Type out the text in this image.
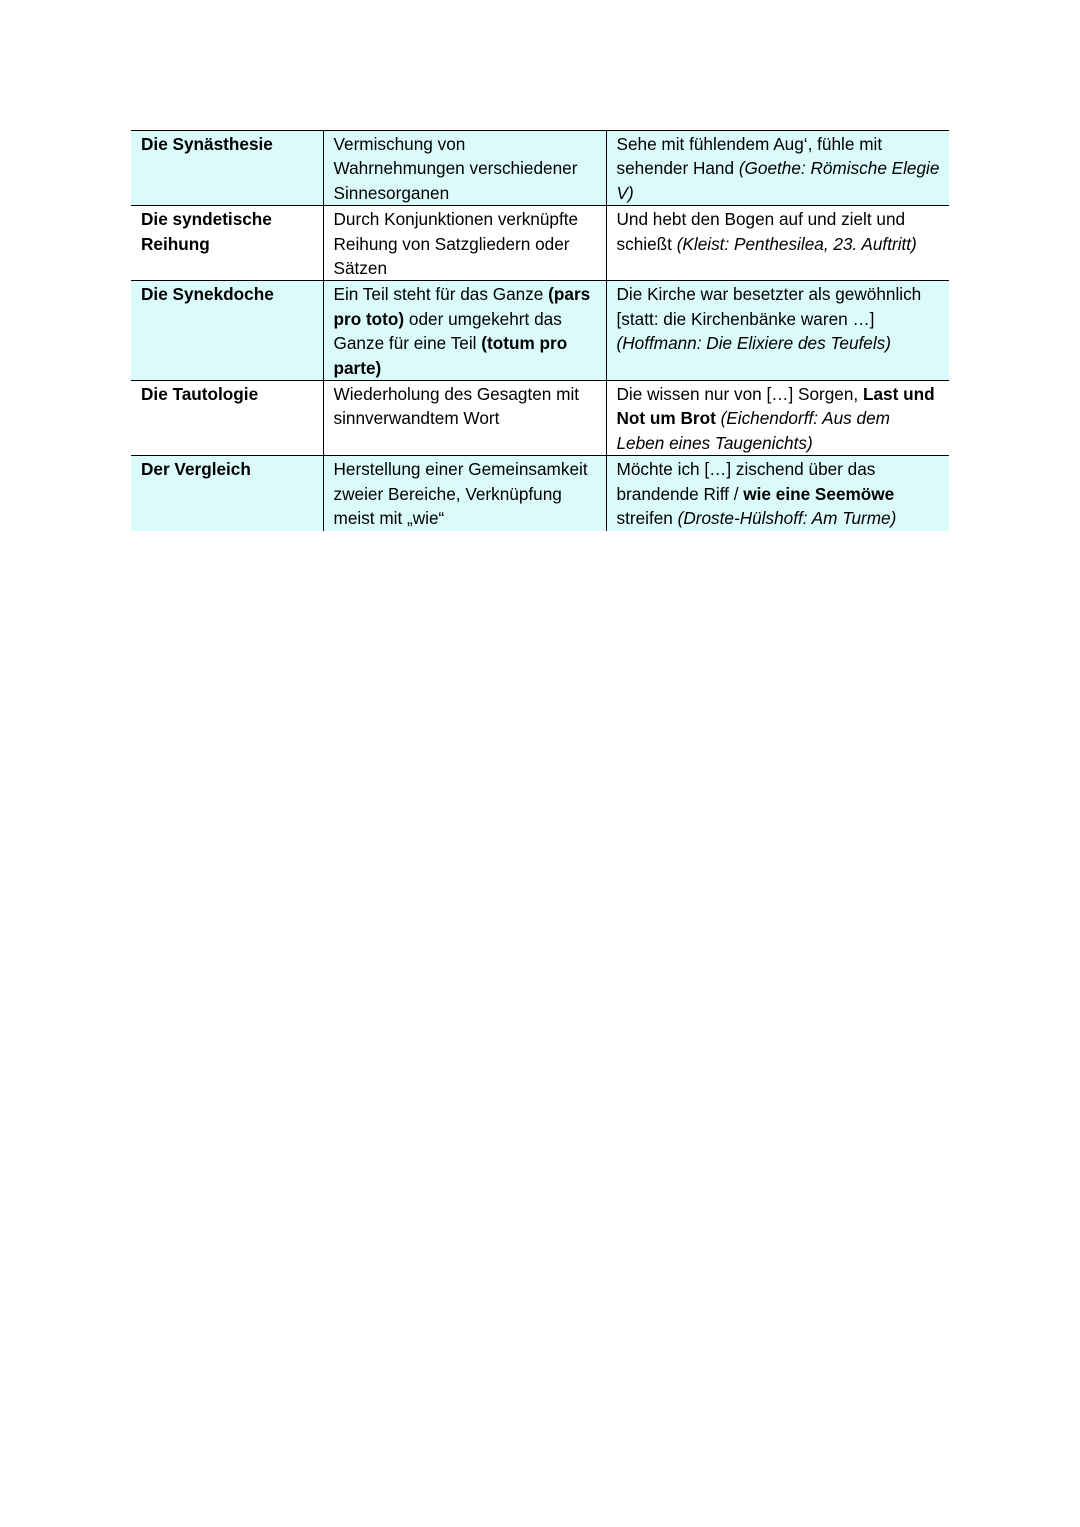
Die Synästhesie	Vermischung von Wahrnehmungen verschiedener Sinnesorganen	Sehe mit fühlendem Aug‘, fühle mit sehender Hand (Goethe: Römische Elegie V)
Die syndetische Reihung	Durch Konjunktionen verknüpfte Reihung von Satzgliedern oder Sätzen	Und hebt den Bogen auf und zielt und schießt (Kleist: Penthesilea, 23. Auftritt)
Die Synekdoche	Ein Teil steht für das Ganze (pars pro toto) oder umgekehrt das Ganze für eine Teil (totum pro parte)	Die Kirche war besetzter als gewöhnlich [statt: die Kirchenbänke waren …] (Hoffmann: Die Elixiere des Teufels)
Die Tautologie	Wiederholung des Gesagten mit sinnverwandtem Wort	Die wissen nur von […] Sorgen, Last und Not um Brot (Eichendorff: Aus dem Leben eines Taugenichts)
Der Vergleich	Herstellung einer Gemeinsamkeit zweier Bereiche, Verknüpfung meist mit „wie“	Möchte ich […] zischend über das brandende Riff / wie eine Seemöwe streifen (Droste-Hülshoff: Am Turme)
